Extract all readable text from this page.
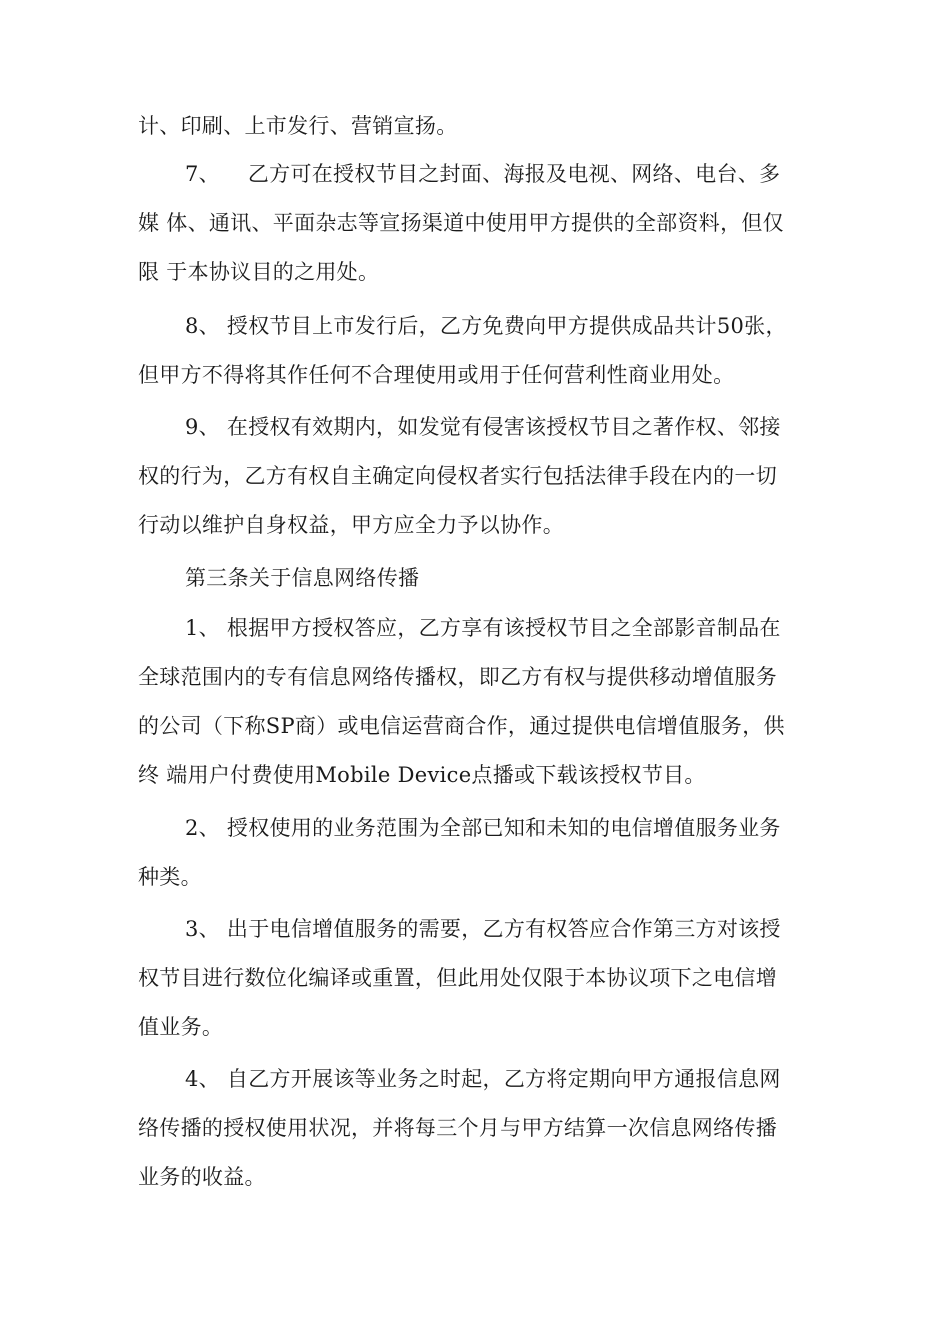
计、印刷、上市发行、营销宣扬。
7、    乙方可在授权节目之封面、海报及电视、网络、电台、多
媒 体、通讯、平面杂志等宣扬渠道中使用甲方提供的全部资料，但仅
限 于本协议目的之用处。
8、 授权节目上市发行后，乙方免费向甲方提供成品共计50张，
但甲方不得将其作任何不合理使用或用于任何营利性商业用处。
9、 在授权有效期内，如发觉有侵害该授权节目之著作权、邻接
权的行为，乙方有权自主确定向侵权者实行包括法律手段在内的一切
行动以维护自身权益，甲方应全力予以协作。
第三条关于信息网络传播
1、 根据甲方授权答应，乙方享有该授权节目之全部影音制品在
全球范围内的专有信息网络传播权，即乙方有权与提供移动增值服务
的公司（下称SP商）或电信运营商合作，通过提供电信增值服务，供
终 端用户付费使用Mobile Device点播或下载该授权节目。
2、 授权使用的业务范围为全部已知和未知的电信增值服务业务
种类。
3、 出于电信增值服务的需要，乙方有权答应合作第三方对该授
权节目进行数位化编译或重置，但此用处仅限于本协议项下之电信增
值业务。
4、 自乙方开展该等业务之时起，乙方将定期向甲方通报信息网
络传播的授权使用状况，并将每三个月与甲方结算一次信息网络传播
业务的收益。
